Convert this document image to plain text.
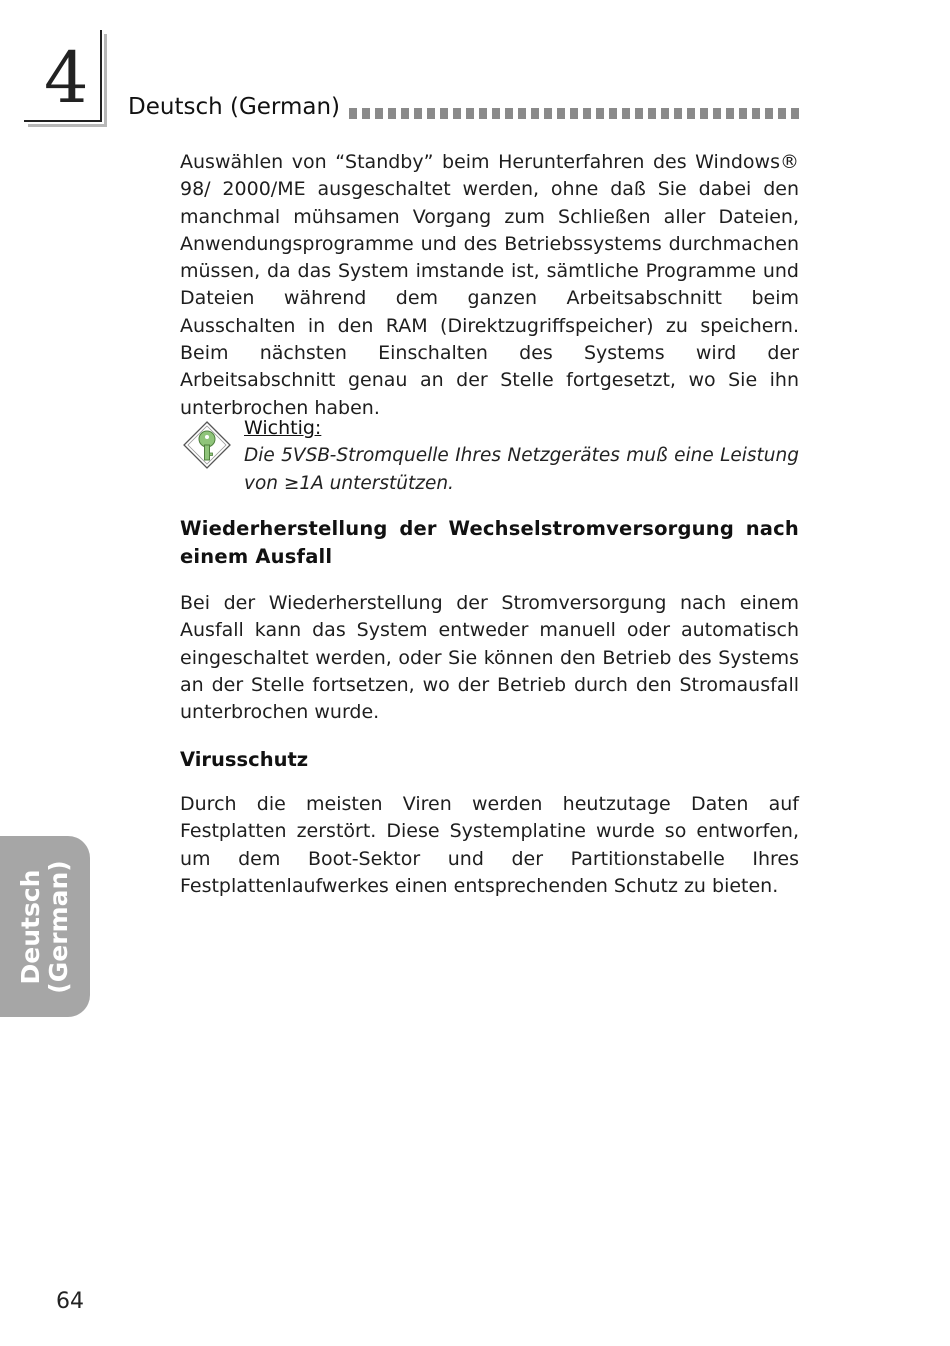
4 Deutsch (German)
Auswählen von “Standby” beim Herunterfahren des Windows® 98/ 2000/ME ausgeschaltet werden, ohne daß Sie dabei den manchmal mühsamen Vorgang zum Schließen aller Dateien, Anwendungsprogramme und des Betriebssystems durchmachen müssen, da das System imstande ist, sämtliche Programme und Dateien während dem ganzen Arbeitsabschnitt beim Ausschalten in den RAM (Direktzugriffspeicher) zu speichern. Beim nächsten Einschalten des Systems wird der Arbeitsabschnitt genau an der Stelle fortgesetzt, wo Sie ihn unterbrochen haben.
Wichtig:
Die 5VSB-Stromquelle Ihres Netzgerätes muß eine Leistung von ≥1A unterstützen.
Wiederherstellung der Wechselstromversorgung nach einem Ausfall
Bei der Wiederherstellung der Stromversorgung nach einem Ausfall kann das System entweder manuell oder automatisch eingeschaltet werden, oder Sie können den Betrieb des Systems an der Stelle fortsetzen, wo der Betrieb durch den Stromausfall unterbrochen wurde.
Virusschutz
Durch die meisten Viren werden heutzutage Daten auf Festplatten zerstört. Diese Systemplatine wurde so entworfen, um dem Boot-Sektor und der Partitionstabelle Ihres Festplattenlaufwerkes einen entsprechenden Schutz zu bieten.
Deutsch (German)
64
